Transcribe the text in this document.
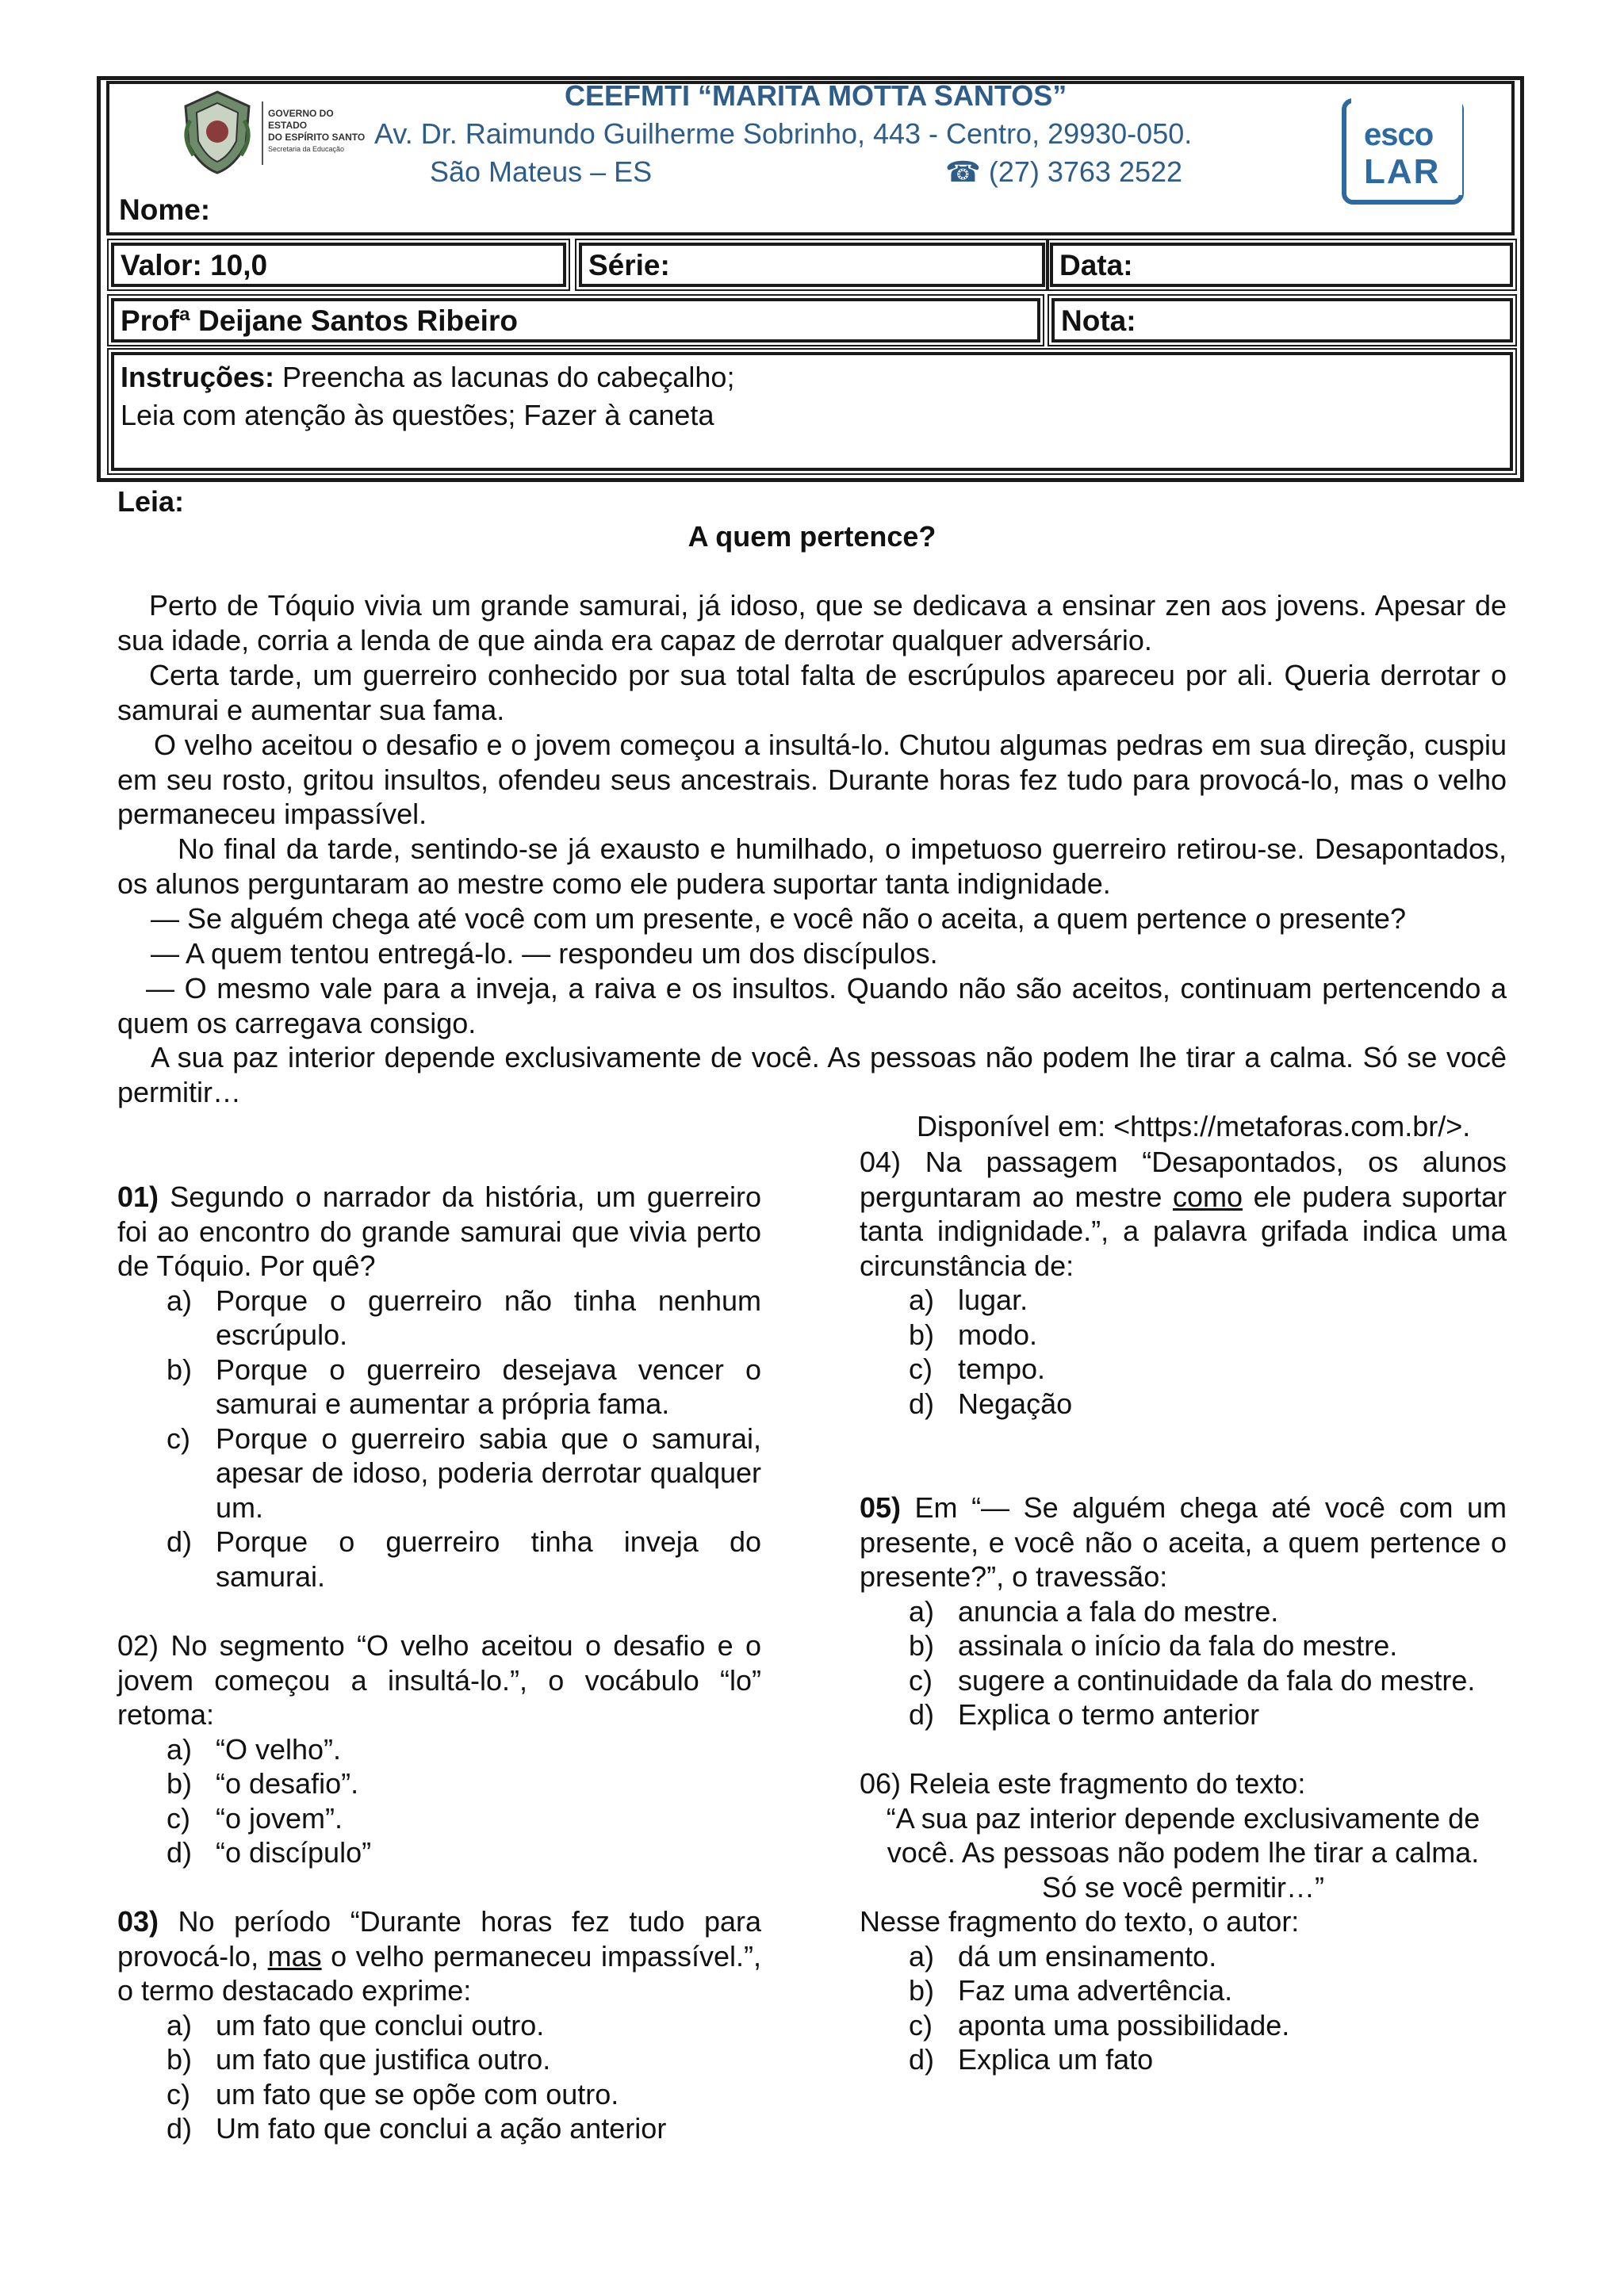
GOVERNO DO ESTADO
DO ESPÍRITO SANTO
Secretaria da Educação
CEEFMTI “MARITA MOTTA SANTOS”
Av. Dr. Raimundo Guilherme Sobrinho, 443 - Centro, 29930-050.
São Mateus – ES	☎ (27) 3763 2522
esco
LAR
Nome:
Valor: 10,0	Série:	Data:
Profª Deijane Santos Ribeiro	Nota:
Instruções: Preencha as lacunas do cabeçalho;
Leia com atenção às questões; Fazer à caneta
Leia:
A quem pertence?

Perto de Tóquio vivia um grande samurai, já idoso, que se dedicava a ensinar zen aos jovens. Apesar de sua idade, corria a lenda de que ainda era capaz de derrotar qualquer adversário.

Certa tarde, um guerreiro conhecido por sua total falta de escrúpulos apareceu por ali. Queria derrotar o samurai e aumentar sua fama.

O velho aceitou o desafio e o jovem começou a insultá-lo. Chutou algumas pedras em sua direção, cuspiu em seu rosto, gritou insultos, ofendeu seus ancestrais. Durante horas fez tudo para provocá-lo, mas o velho permaneceu impassível.

No final da tarde, sentindo-se já exausto e humilhado, o impetuoso guerreiro retirou-se. Desapontados, os alunos perguntaram ao mestre como ele pudera suportar tanta indignidade.

— Se alguém chega até você com um presente, e você não o aceita, a quem pertence o presente?

— A quem tentou entregá-lo. — respondeu um dos discípulos.

— O mesmo vale para a inveja, a raiva e os insultos. Quando não são aceitos, continuam pertencendo a quem os carregava consigo.

A sua paz interior depende exclusivamente de você. As pessoas não podem lhe tirar a calma. Só se você permitir…

Disponível em: <https://metaforas.com.br/>.

01) Segundo o narrador da história, um guerreiro foi ao encontro do grande samurai que vivia perto de Tóquio. Por quê?

a) Porque o guerreiro não tinha nenhum escrúpulo.
b) Porque o guerreiro desejava vencer o samurai e aumentar a própria fama.
c) Porque o guerreiro sabia que o samurai, apesar de idoso, poderia derrotar qualquer um.
d) Porque o guerreiro tinha inveja do samurai.

02) No segmento “O velho aceitou o desafio e o jovem começou a insultá-lo.”, o vocábulo “lo” retoma:

a) “O velho”.
b) “o desafio”.
c) “o jovem”.
d) “o discípulo”

03) No período “Durante horas fez tudo para provocá-lo, mas o velho permaneceu impassível.”, o termo destacado exprime:

a) um fato que conclui outro.
b) um fato que justifica outro.
c) um fato que se opõe com outro.
d) Um fato que conclui a ação anterior

04) Na passagem “Desapontados, os alunos perguntaram ao mestre como ele pudera suportar tanta indignidade.”, a palavra grifada indica uma circunstância de:

a) lugar.
b) modo.
c) tempo.
d) Negação

05) Em “— Se alguém chega até você com um presente, e você não o aceita, a quem pertence o presente?”, o travessão:

a) anuncia a fala do mestre.
b) assinala o início da fala do mestre.
c) sugere a continuidade da fala do mestre.
d) Explica o termo anterior

06) Releia este fragmento do texto:

“A sua paz interior depende exclusivamente de
você. As pessoas não podem lhe tirar a calma.
Só se você permitir…”

Nesse fragmento do texto, o autor:

a) dá um ensinamento.
b) Faz uma advertência.
c) aponta uma possibilidade.
d) Explica um fato
